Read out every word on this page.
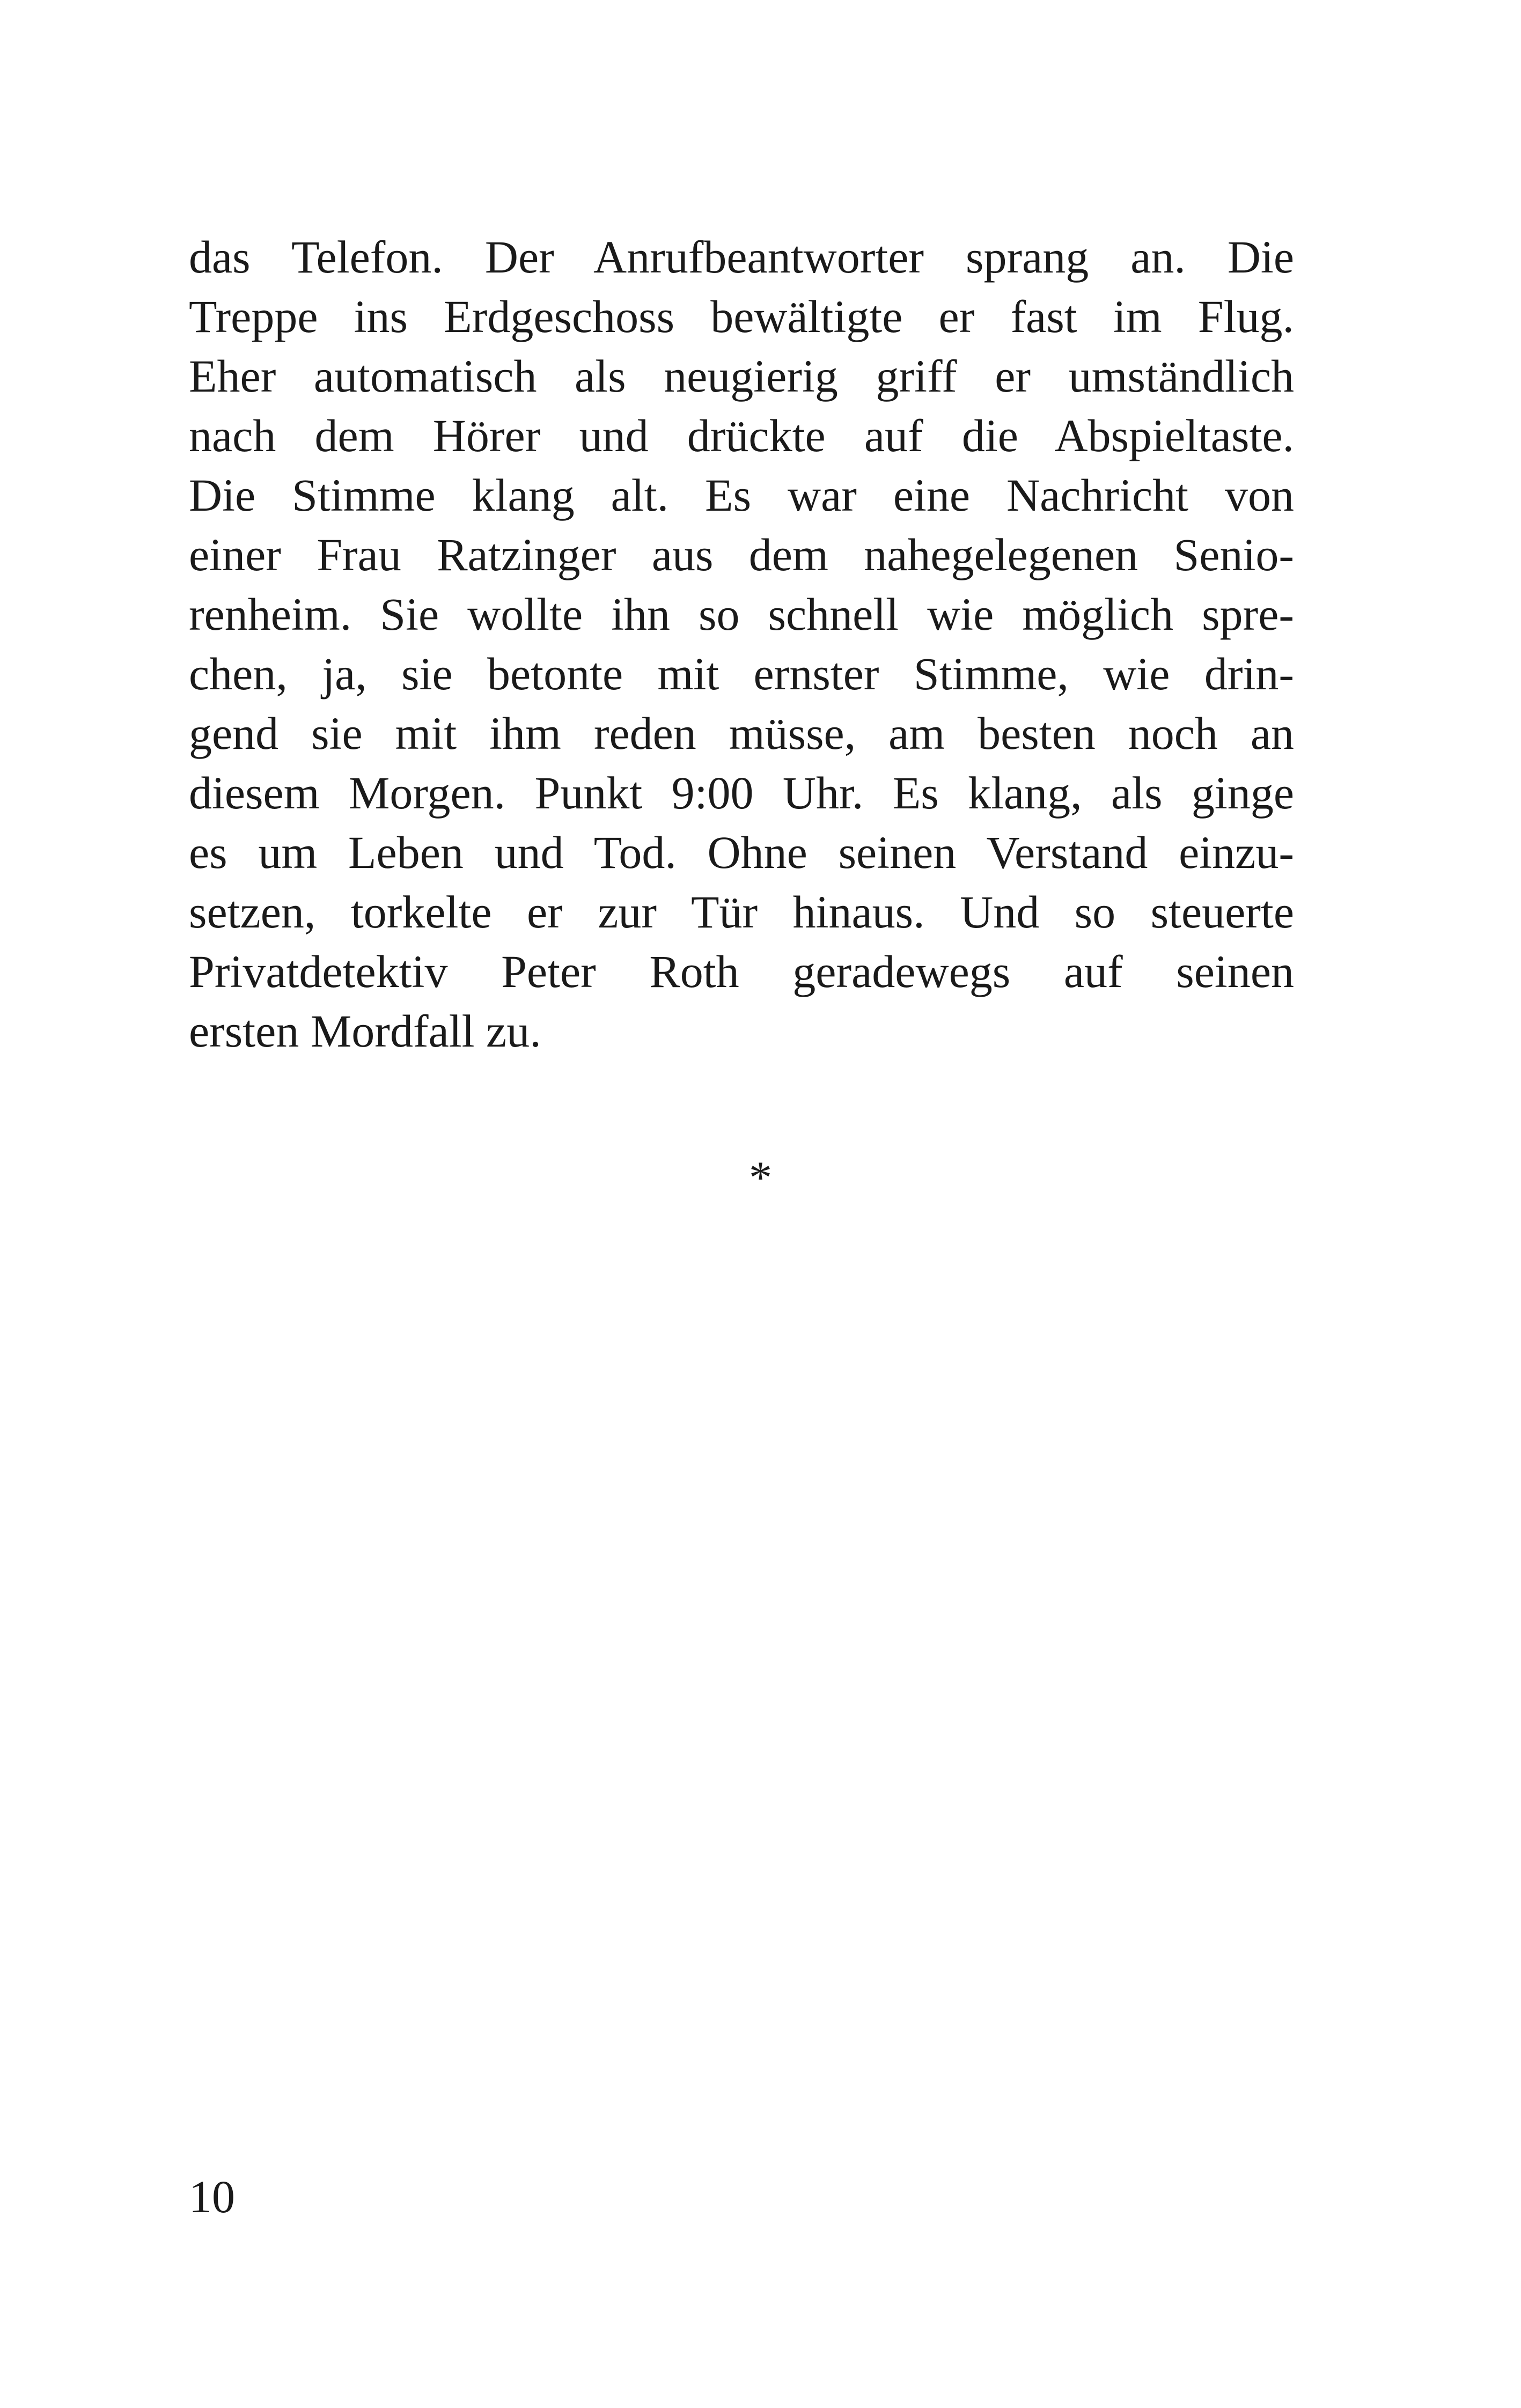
das Telefon. Der Anrufbeantworter sprang an. Die
Treppe ins Erdgeschoss bewältigte er fast im Flug.
Eher automatisch als neugierig griff er umständlich
nach dem Hörer und drückte auf die Abspieltaste.
Die Stimme klang alt. Es war eine Nachricht von
einer Frau Ratzinger aus dem nahegelegenen Senio-
renheim. Sie wollte ihn so schnell wie möglich spre-
chen, ja, sie betonte mit ernster Stimme, wie drin-
gend sie mit ihm reden müsse, am besten noch an
diesem Morgen. Punkt 9:00 Uhr. Es klang, als ginge
es um Leben und Tod. Ohne seinen Verstand einzu-
setzen, torkelte er zur Tür hinaus. Und so steuerte
Privatdetektiv Peter Roth geradewegs auf seinen
ersten Mordfall zu.
*
10
